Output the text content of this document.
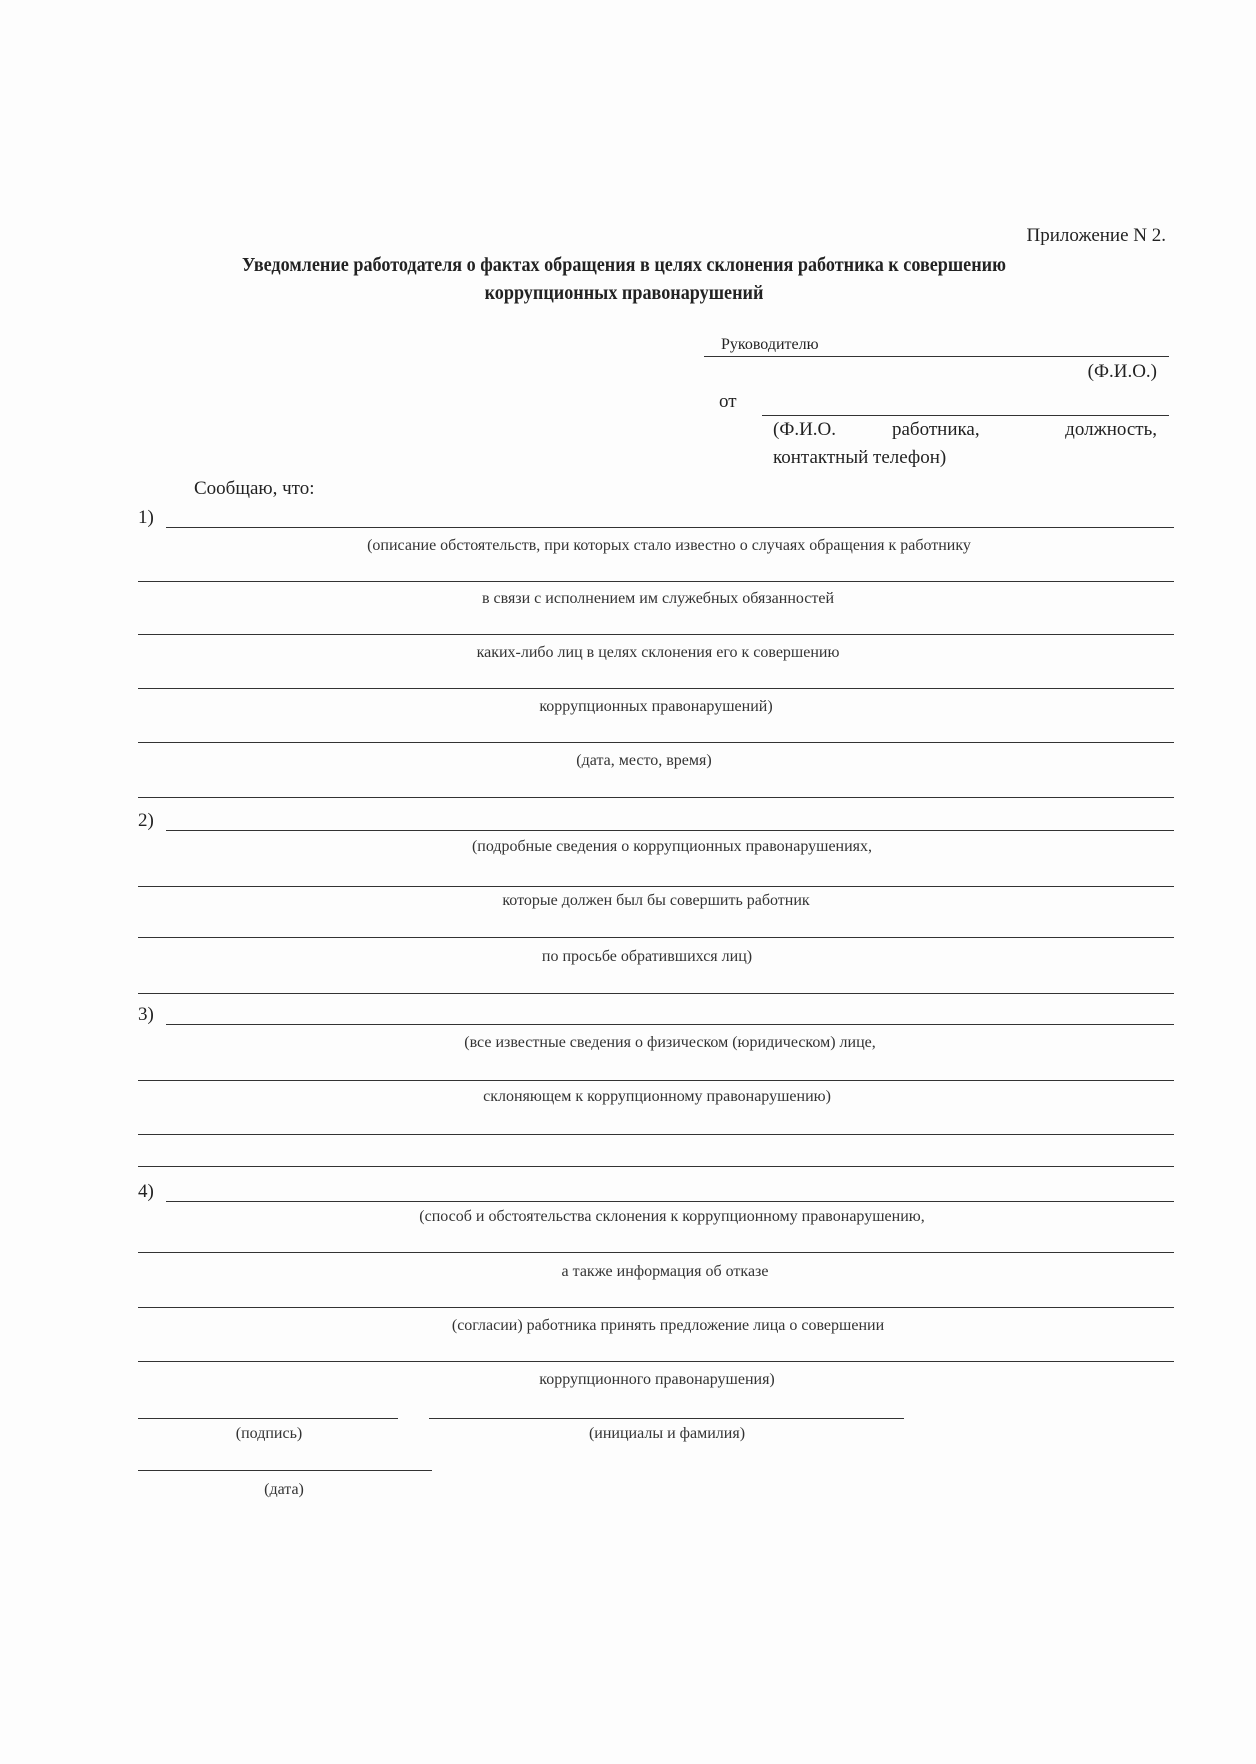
Приложение N 2.
Уведомление работодателя о фактах обращения в целях склонения работника к совершению
коррупционных правонарушений
Руководителю
(Ф.И.О.)
от
(Ф.И.О.	работника,	должность,
контактный телефон)
Сообщаю, что:
1)
(описание обстоятельств, при которых стало известно о случаях обращения к работнику
в связи с исполнением им служебных обязанностей
каких-либо лиц в целях склонения его к совершению
коррупционных правонарушений)
(дата, место, время)
2)
(подробные сведения о коррупционных правонарушениях,
которые должен был бы совершить работник
по просьбе обратившихся лиц)
3)
(все известные сведения о физическом (юридическом) лице,
склоняющем к коррупционному правонарушению)
4)
(способ и обстоятельства склонения к коррупционному правонарушению,
а также информация об отказе
(согласии) работника принять предложение лица о совершении
коррупционного правонарушения)
(подпись)	(инициалы и фамилия)
(дата)
